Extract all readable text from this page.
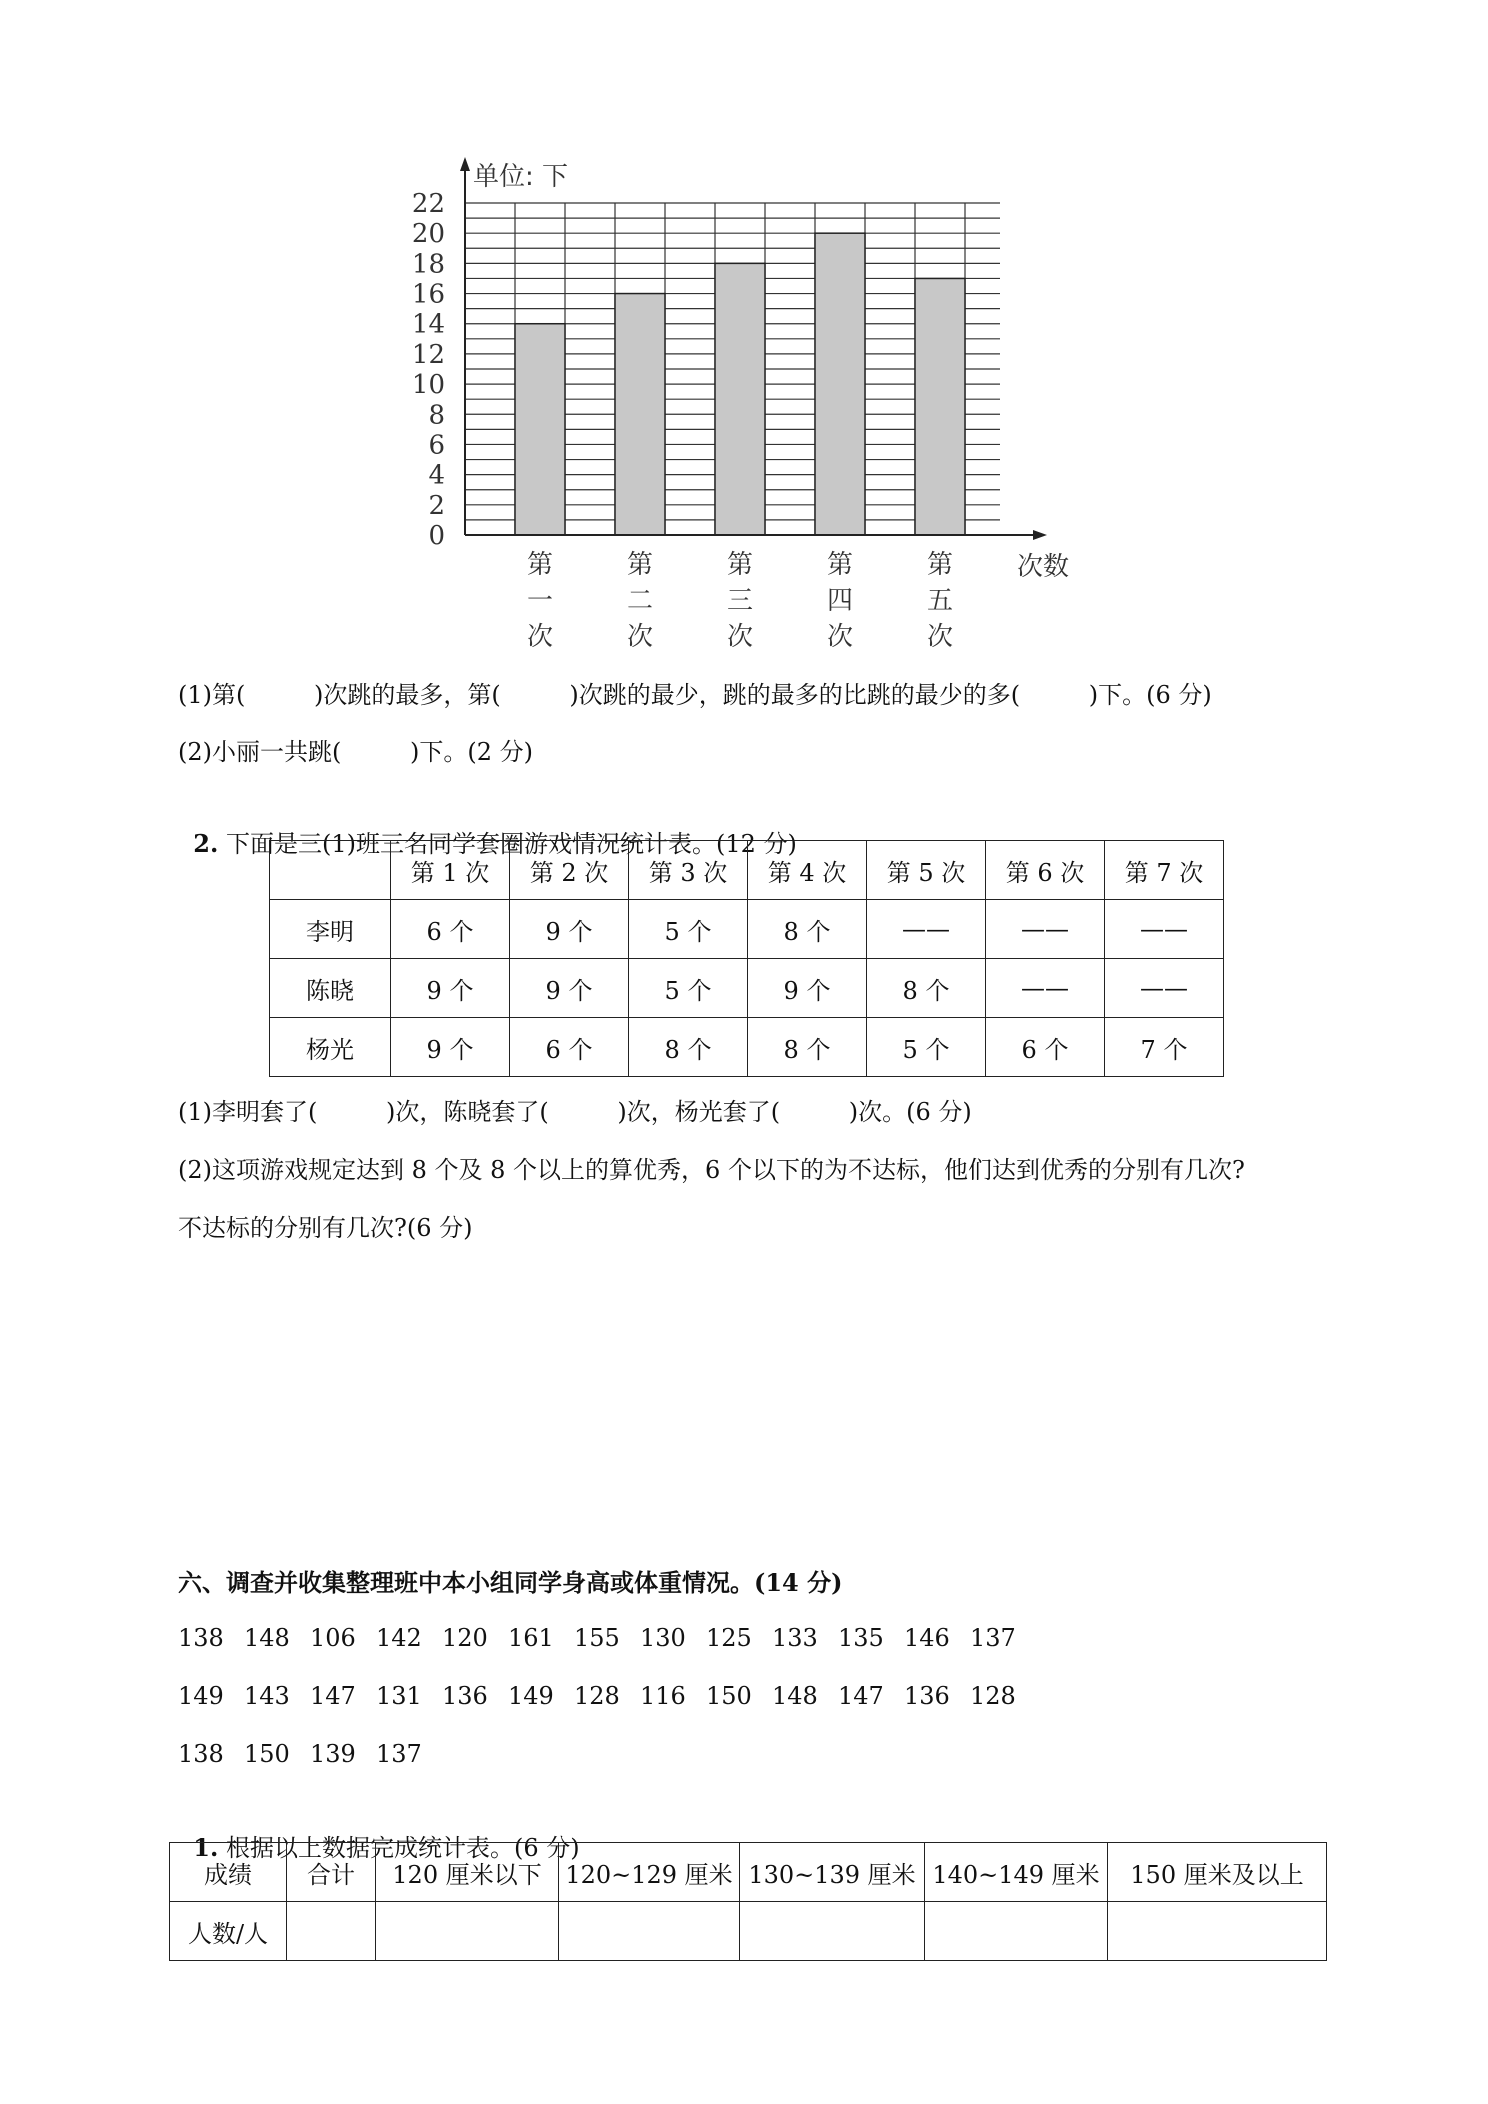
0
2
4
6
8
10
12
14
16
18
20
22
第
一
次
第
二
次
第
三
次
第
四
次
第
五
次
单位: 下
次数
(1)第(         )次跳的最多，第(         )次跳的最少，跳的最多的比跳的最少的多(         )下。(6 分)
(2)小丽一共跳(         )下。(2 分)

2. 下面是三(1)班三名同学套圈游戏情况统计表。(12 分)

	第 1 次	第 2 次	第 3 次	第 4 次	第 5 次	第 6 次	第 7 次
李明	6 个	9 个	5 个	8 个	——	——	——
陈晓	9 个	9 个	5 个	9 个	8 个	——	——
杨光	9 个	6 个	8 个	8 个	5 个	6 个	7 个
(1)李明套了(         )次，陈晓套了(         )次，杨光套了(         )次。(6 分)
(2)这项游戏规定达到 8 个及 8 个以上的算优秀，6 个以下的为不达标，他们达到优秀的分别有几次?
不达标的分别有几次?(6 分)
六、调查并收集整理班中本小组同学身高或体重情况。(14 分)
138 148 106 142 120 161 155 130 125 133 135 146 137
149 143 147 131 136 149 128 116 150 148 147 136 128
138 150 139 137

1. 根据以上数据完成统计表。(6 分)

成绩	合计	120 厘米以下	120~129 厘米	130~139 厘米	140~149 厘米	150 厘米及以上
人数/人						
